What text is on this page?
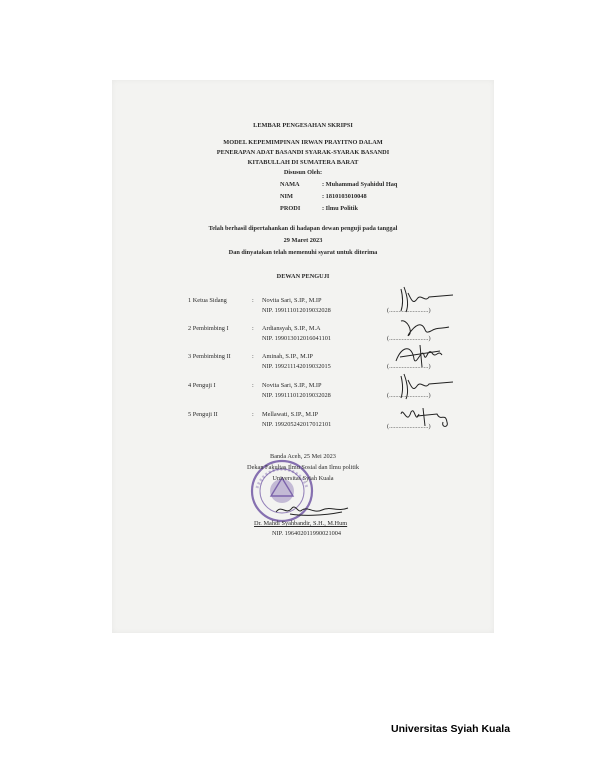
LEMBAR PENGESAHAN SKRIPSI
MODEL KEPEMIMPINAN IRWAN PRAYITNO DALAM
PENERAPAN ADAT BASANDI SYARAK-SYARAK BASANDI
KITABULLAH DI SUMATERA BARAT
Disusun Oleh:
NAMA	: Muhammad Syahidul Haq
NIM	: 1810103010048
PRODI	: Ilmu Politik
Telah berhasil dipertahankan di hadapan dewan penguji pada tanggal
29 Maret 2023
Dan dinyatakan telah memenuhi syarat untuk diterima
DEWAN PENGUJI
1 Ketua Sidang	: Novita Sari, S.IP., M.IP
NIP. 199111012019032028	(.........................)
2 Pembimbing I	: Ardiansyah, S.IP., M.A
NIP. 199013012016041101	(.........................)
3 Pembimbing II	: Aminah, S.IP., M.IP
NIP. 199211142019032015	(.........................)
4 Penguji I	: Novita Sari, S.IP., M.IP
NIP. 199111012019032028	(.........................)
5 Penguji II	: Mellawati, S.IP., M.IP
NIP. 199205242017012101	(.........................)
Banda Aceh, 25 Mei 2023
Dekan Fakultas Ilmu Sosial dan Ilmu politik
Universitas Syiah Kuala
Dr. Mahdi Syahbandir, S.H., M.Hum
NIP. 196402011990021004
Universitas Syiah Kuala
